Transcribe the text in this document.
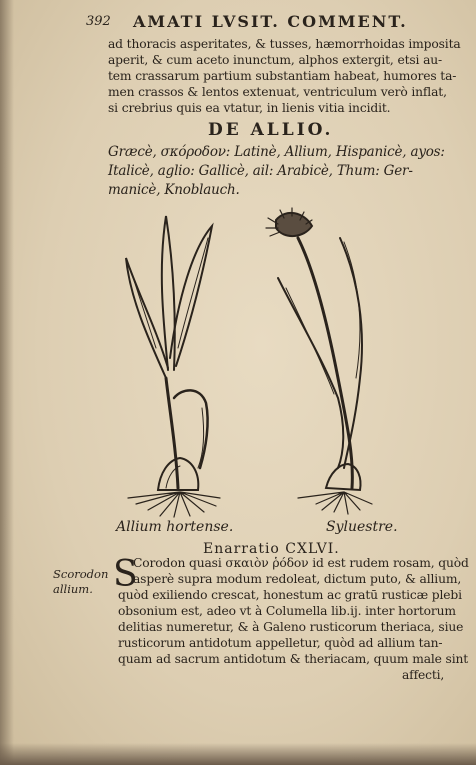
392 AMATI LVSIT. COMMENT.
ad thoracis asperitates, & tusses, hæmorrhoidas imposita
aperit, & cum aceto inunctum, alphos extergit, etsi au-
tem crassarum partium substantiam habeat, humores ta-
men crassos & lentos extenuat, ventriculum verò inflat,
si crebrius quis ea vtatur, in lienis vitia incidit.
DE ALLIO.
Græcè, σκόροδον: Latinè, Allium, Hispanicè, ayos:
Italicè, aglio: Gallicè, ail: Arabicè, Thum: Ger-
manicè, Knoblauch.
Allium hortense.	Syluestre.
Enarratio CXLVI.
Scorodon
allium. S
Corodon quasi σκαιὸν ῥόδον id est rudem rosam, quòd
asperè supra modum redoleat, dictum puto, & allium,
quòd exiliendo crescat, honestum ac gratū rusticæ plebi
obsonium est, adeo vt à Columella lib.ij. inter hortorum
delitias numeretur, & à Galeno rusticorum theriaca, siue
rusticorum antidotum appelletur, quòd ad allium tan-
quam ad sacrum antidotum & theriacam, quum male sint
affecti,
